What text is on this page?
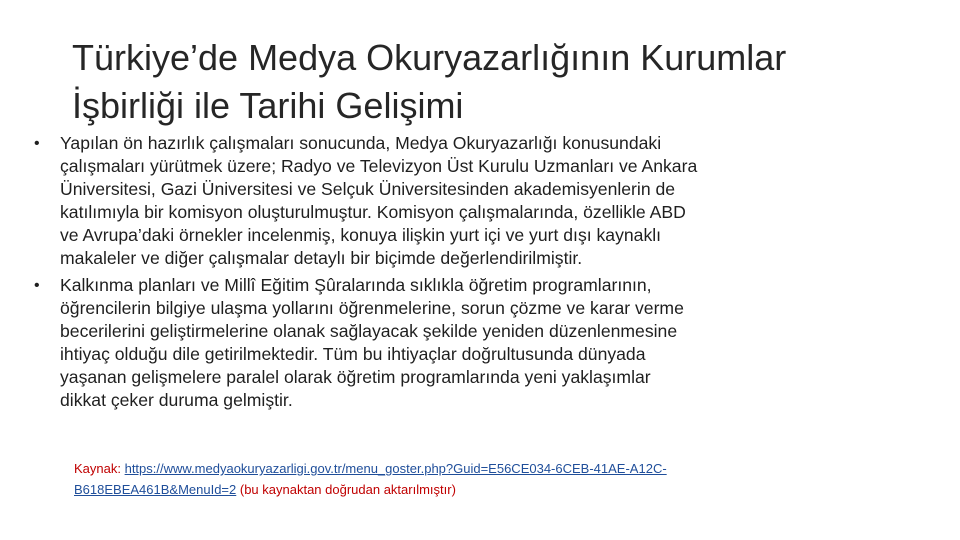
Türkiye’de Medya Okuryazarlığının Kurumlar
İşbirliği ile Tarihi Gelişimi
•	Yapılan ön hazırlık çalışmaları sonucunda, Medya Okuryazarlığı konusundaki
çalışmaları yürütmek üzere; Radyo ve Televizyon Üst Kurulu Uzmanları ve Ankara
Üniversitesi, Gazi Üniversitesi ve Selçuk Üniversitesinden akademisyenlerin de
katılımıyla bir komisyon oluşturulmuştur. Komisyon çalışmalarında, özellikle ABD
ve Avrupa’daki örnekler incelenmiş, konuya ilişkin yurt içi ve yurt dışı kaynaklı
makaleler ve diğer çalışmalar detaylı bir biçimde değerlendirilmiştir.
•	Kalkınma planları ve Millî Eğitim Şûralarında sıklıkla öğretim programlarının,
öğrencilerin bilgiye ulaşma yollarını öğrenmelerine, sorun çözme ve karar verme
becerilerini geliştirmelerine olanak sağlayacak şekilde yeniden düzenlenmesine
ihtiyaç olduğu dile getirilmektedir. Tüm bu ihtiyaçlar doğrultusunda dünyada
yaşanan gelişmelere paralel olarak öğretim programlarında yeni yaklaşımlar
dikkat çeker duruma gelmiştir.
Kaynak: https://www.medyaokuryazarligi.gov.tr/menu_goster.php?Guid=E56CE034-6CEB-41AE-A12C-
B618EBEA461B&MenuId=2 (bu kaynaktan doğrudan aktarılmıştır)
